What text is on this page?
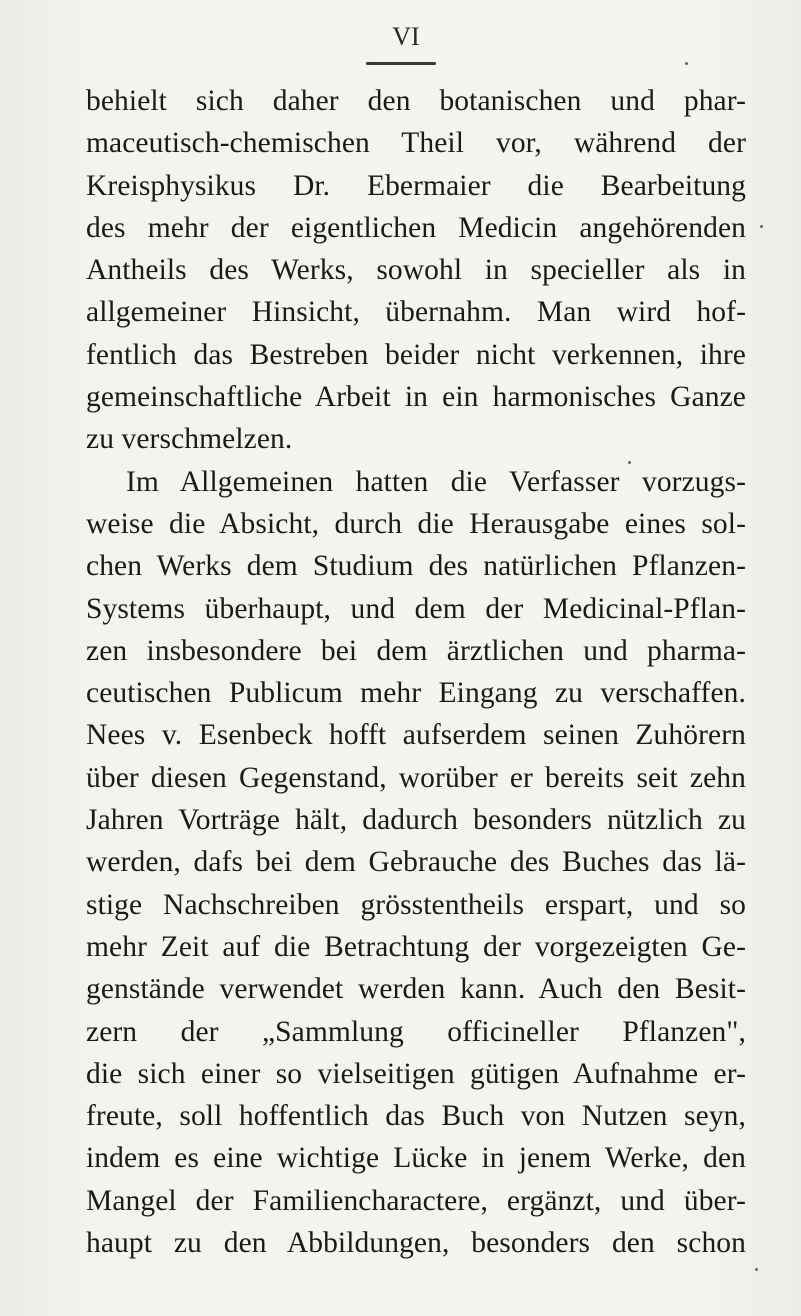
VI
behielt sich daher den botanischen und phar-
maceutisch-chemischen Theil vor, während der
Kreisphysikus Dr. Ebermaier die Bearbeitung
des mehr der eigentlichen Medicin angehörenden
Antheils des Werks, sowohl in specieller als in
allgemeiner Hinsicht, übernahm. Man wird hof-
fentlich das Bestreben beider nicht verkennen, ihre
gemeinschaftliche Arbeit in ein harmonisches Ganze
zu verschmelzen.
Im Allgemeinen hatten die Verfasser vorzugs-
weise die Absicht, durch die Herausgabe eines sol-
chen Werks dem Studium des natürlichen Pflanzen-
Systems überhaupt, und dem der Medicinal-Pflan-
zen insbesondere bei dem ärztlichen und pharma-
ceutischen Publicum mehr Eingang zu verschaffen.
Nees v. Esenbeck hofft aufserdem seinen Zuhörern
über diesen Gegenstand, worüber er bereits seit zehn
Jahren Vorträge hält, dadurch besonders nützlich zu
werden, dafs bei dem Gebrauche des Buches das lä-
stige Nachschreiben grösstentheils erspart, und so
mehr Zeit auf die Betrachtung der vorgezeigten Ge-
genstände verwendet werden kann. Auch den Besit-
zern der „Sammlung officineller Pflanzen",
die sich einer so vielseitigen gütigen Aufnahme er-
freute, soll hoffentlich das Buch von Nutzen seyn,
indem es eine wichtige Lücke in jenem Werke, den
Mangel der Familiencharactere, ergänzt, und über-
haupt zu den Abbildungen, besonders den schon
